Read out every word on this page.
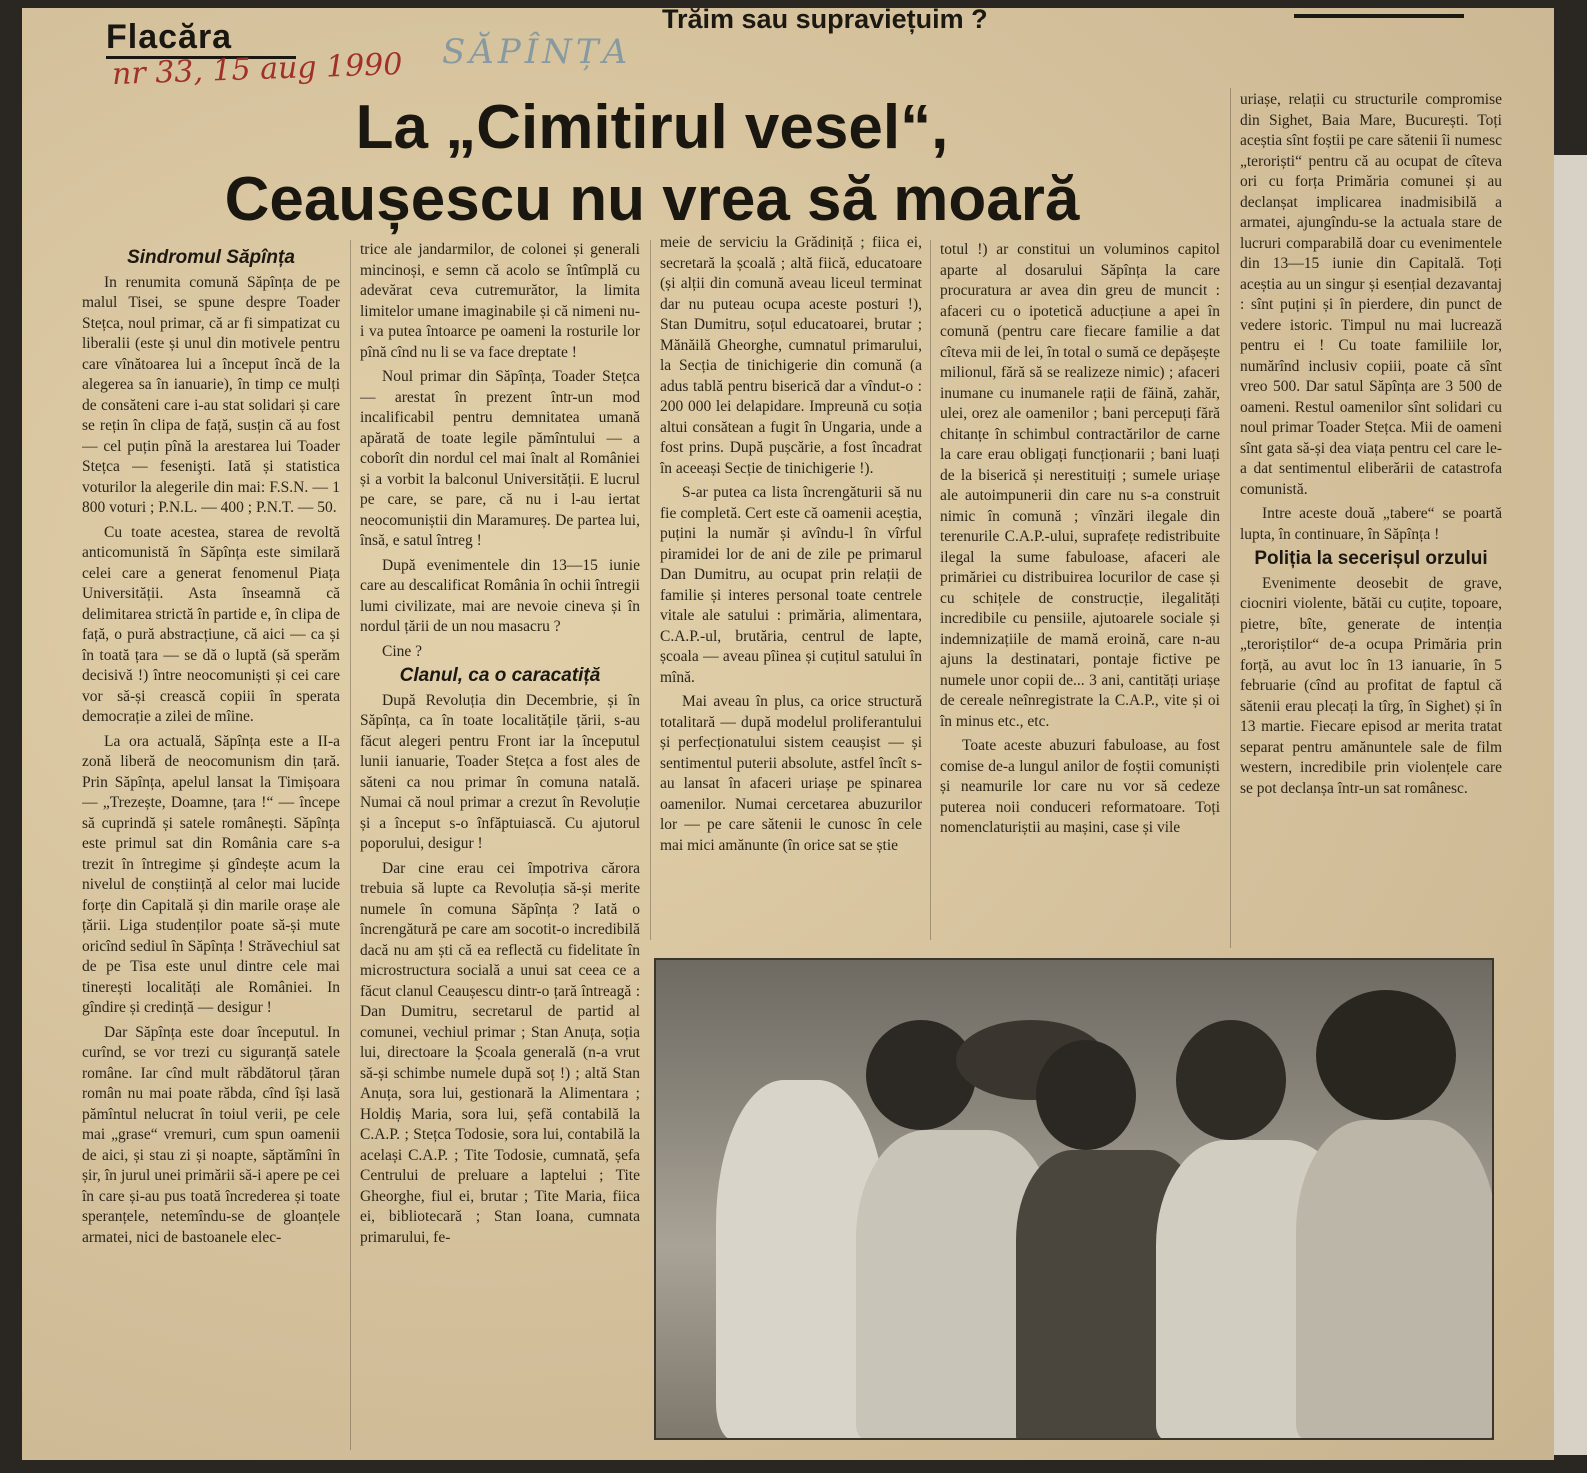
Flacăra	Trăim sau supraviețuim ?
SĂPÎNȚA
nr 33, 15 aug 1990
La „Cimitirul vesel“,
Ceaușescu nu vrea să moară

Sindromul Săpînța

In renumita comună Săpînța de pe malul Tisei, se spune despre Toader Stețca, noul primar, că ar fi simpatizat cu liberalii (este și unul din motivele pentru care vînătoarea lui a început încă de la alegerea sa în ianuarie), în timp ce mulți de consăteni care i-au stat solidari și care se rețin în clipa de față, susțin că au fost — cel puțin pînă la arestarea lui Toader Stețca — fesenişti. Iată și statistica voturilor la alegerile din mai: F.S.N. — 1 800 voturi ; P.N.L. — 400 ; P.N.T. — 50.

Cu toate acestea, starea de revoltă anticomunistă în Săpînța este similară celei care a generat fenomenul Piața Universității. Asta înseamnă că delimitarea strictă în partide e, în clipa de față, o pură abstracțiune, că aici — ca și în toată țara — se dă o luptă (să sperăm decisivă !) între neocomuniști și cei care vor să-și crească copiii în sperata democrație a zilei de mîine.

La ora actuală, Săpînța este a II-a zonă liberă de neocomunism din țară. Prin Săpînța, apelul lansat la Timișoara — „Trezește, Doamne, țara !“ — începe să cuprindă și satele românești. Săpînța este primul sat din România care s-a trezit în întregime și gîndește acum la nivelul de conștiință al celor mai lucide forțe din Capitală și din marile orașe ale țării. Liga studenților poate să-și mute oricînd sediul în Săpînța ! Străvechiul sat de pe Tisa este unul dintre cele mai tinerești localități ale României. In gîndire și credință — desigur !

Dar Săpînța este doar începutul. In curînd, se vor trezi cu siguranță satele române. Iar cînd mult răbdătorul țăran român nu mai poate răbda, cînd își lasă pămîntul nelucrat în toiul verii, pe cele mai „grase“ vremuri, cum spun oamenii de aici, și stau zi și noapte, săptămîni în șir, în jurul unei primării să-i apere pe cei în care și-au pus toată încrederea și toate speranțele, netemîndu-se de gloanțele armatei, nici de bastoanele elec-

trice ale jandarmilor, de colonei și generali mincinoși, e semn că acolo se întîmplă cu adevărat ceva cutremurător, la limita limitelor umane imaginabile și că nimeni nu-i va putea întoarce pe oameni la rosturile lor pînă cînd nu li se va face dreptate !

Noul primar din Săpînța, Toader Stețca — arestat în prezent într-un mod incalificabil pentru demnitatea umană apărată de toate legile pămîntului — a coborît din nordul cel mai înalt al României și a vorbit la balconul Universității. E lucrul pe care, se pare, că nu i l-au iertat neocomuniștii din Maramureș. De partea lui, însă, e satul întreg !

După evenimentele din 13—15 iunie care au descalificat România în ochii întregii lumi civilizate, mai are nevoie cineva și în nordul țării de un nou masacru ?

Cine ?

Clanul, ca o caracatiță

După Revoluția din Decembrie, și în Săpînța, ca în toate localitățile țării, s-au făcut alegeri pentru Front iar la începutul lunii ianuarie, Toader Stețca a fost ales de săteni ca nou primar în comuna natală. Numai că noul primar a crezut în Revoluție și a început s-o înfăptuiască. Cu ajutorul poporului, desigur !

Dar cine erau cei împotriva cărora trebuia să lupte ca Revoluția să-și merite numele în comuna Săpînța ? Iată o încrengătură pe care am socotit-o incredibilă dacă nu am ști că ea reflectă cu fidelitate în microstructura socială a unui sat ceea ce a făcut clanul Ceaușescu dintr-o țară întreagă : Dan Dumitru, secretarul de partid al comunei, vechiul primar ; Stan Anuța, soția lui, directoare la Școala generală (n-a vrut să-și schimbe numele după soț !) ; altă Stan Anuța, sora lui, gestionară la Alimentara ; Holdiș Maria, sora lui, șefă contabilă la C.A.P. ; Stețca Todosie, sora lui, contabilă la același C.A.P. ; Tite Todosie, cumnată, șefa Centrului de preluare a laptelui ; Tite Gheorghe, fiul ei, brutar ; Tite Maria, fiica ei, bibliotecară ; Stan Ioana, cumnata primarului, fe-

meie de serviciu la Grădiniță ; fiica ei, secretară la școală ; altă fiică, educatoare (și alții din comună aveau liceul terminat dar nu puteau ocupa aceste posturi !), Stan Dumitru, soțul educatoarei, brutar ; Mănăilă Gheorghe, cumnatul primarului, la Secția de tinichigerie din comună (a adus tablă pentru biserică dar a vîndut-o : 200 000 lei delapidare. Impreună cu soția altui consătean a fugit în Ungaria, unde a fost prins. După pușcărie, a fost încadrat în aceeași Secție de tinichigerie !).

S-ar putea ca lista încrengăturii să nu fie completă. Cert este că oamenii aceștia, puțini la număr și avîndu-l în vîrful piramidei lor de ani de zile pe primarul Dan Dumitru, au ocupat prin relații de familie și interes personal toate centrele vitale ale satului : primăria, alimentara, C.A.P.-ul, brutăria, centrul de lapte, școala — aveau pîinea și cuțitul satului în mînă.

Mai aveau în plus, ca orice structură totalitară — după modelul proliferantului și perfecționatului sistem ceaușist — și sentimentul puterii absolute, astfel încît s-au lansat în afaceri uriașe pe spinarea oamenilor. Numai cercetarea abuzurilor lor — pe care sătenii le cunosc în cele mai mici amănunte (în orice sat se știe

totul !) ar constitui un voluminos capitol aparte al dosarului Săpînța la care procuratura ar avea din greu de muncit : afaceri cu o ipotetică aducțiune a apei în comună (pentru care fiecare familie a dat cîteva mii de lei, în total o sumă ce depășește milionul, fără să se realizeze nimic) ; afaceri inumane cu inumanele rații de făină, zahăr, ulei, orez ale oamenilor ; bani percepuți fără chitanțe în schimbul contractărilor de carne la care erau obligați funcționarii ; bani luați de la biserică și nerestituiți ; sumele uriașe ale autoimpunerii din care nu s-a construit nimic în comună ; vînzări ilegale din terenurile C.A.P.-ului, suprafețe redistribuite ilegal la sume fabuloase, afaceri ale primăriei cu distribuirea locurilor de case și cu schițele de construcție, ilegalități incredibile cu pensiile, ajutoarele sociale și indemnizațiile de mamă eroină, care n-au ajuns la destinatari, pontaje fictive pe numele unor copii de... 3 ani, cantități uriașe de cereale neînregistrate la C.A.P., vite și oi în minus etc., etc.

Toate aceste abuzuri fabuloase, au fost comise de-a lungul anilor de foștii comuniști și neamurile lor care nu vor să cedeze puterea noii conduceri reformatoare. Toți nomenclaturiștii au mașini, case și vile

uriașe, relații cu structurile compromise din Sighet, Baia Mare, București. Toți aceștia sînt foștii pe care sătenii îi numesc „teroriști“ pentru că au ocupat de cîteva ori cu forța Primăria comunei și au declanșat implicarea inadmisibilă a armatei, ajungîndu-se la actuala stare de lucruri comparabilă doar cu evenimentele din 13—15 iunie din Capitală. Toți aceștia au un singur și esențial dezavantaj : sînt puțini și în pierdere, din punct de vedere istoric. Timpul nu mai lucrează pentru ei ! Cu toate familiile lor, numărînd inclusiv copiii, poate că sînt vreo 500. Dar satul Săpînța are 3 500 de oameni. Restul oamenilor sînt solidari cu noul primar Toader Stețca. Mii de oameni sînt gata să-și dea viața pentru cel care le-a dat sentimentul eliberării de catastrofa comunistă.

Intre aceste două „tabere“ se poartă lupta, în continuare, în Săpînța !

Poliția la secerișul orzului

Evenimente deosebit de grave, ciocniri violente, bătăi cu cuțite, topoare, pietre, bîte, generate de intenția „teroriștilor“ de-a ocupa Primăria prin forță, au avut loc în 13 ianuarie, în 5 februarie (cînd au profitat de faptul că sătenii erau plecați la tîrg, în Sighet) și în 13 martie. Fiecare episod ar merita tratat separat pentru amănuntele sale de film western, incredibile prin violențele care se pot declanșa într-un sat românesc.
